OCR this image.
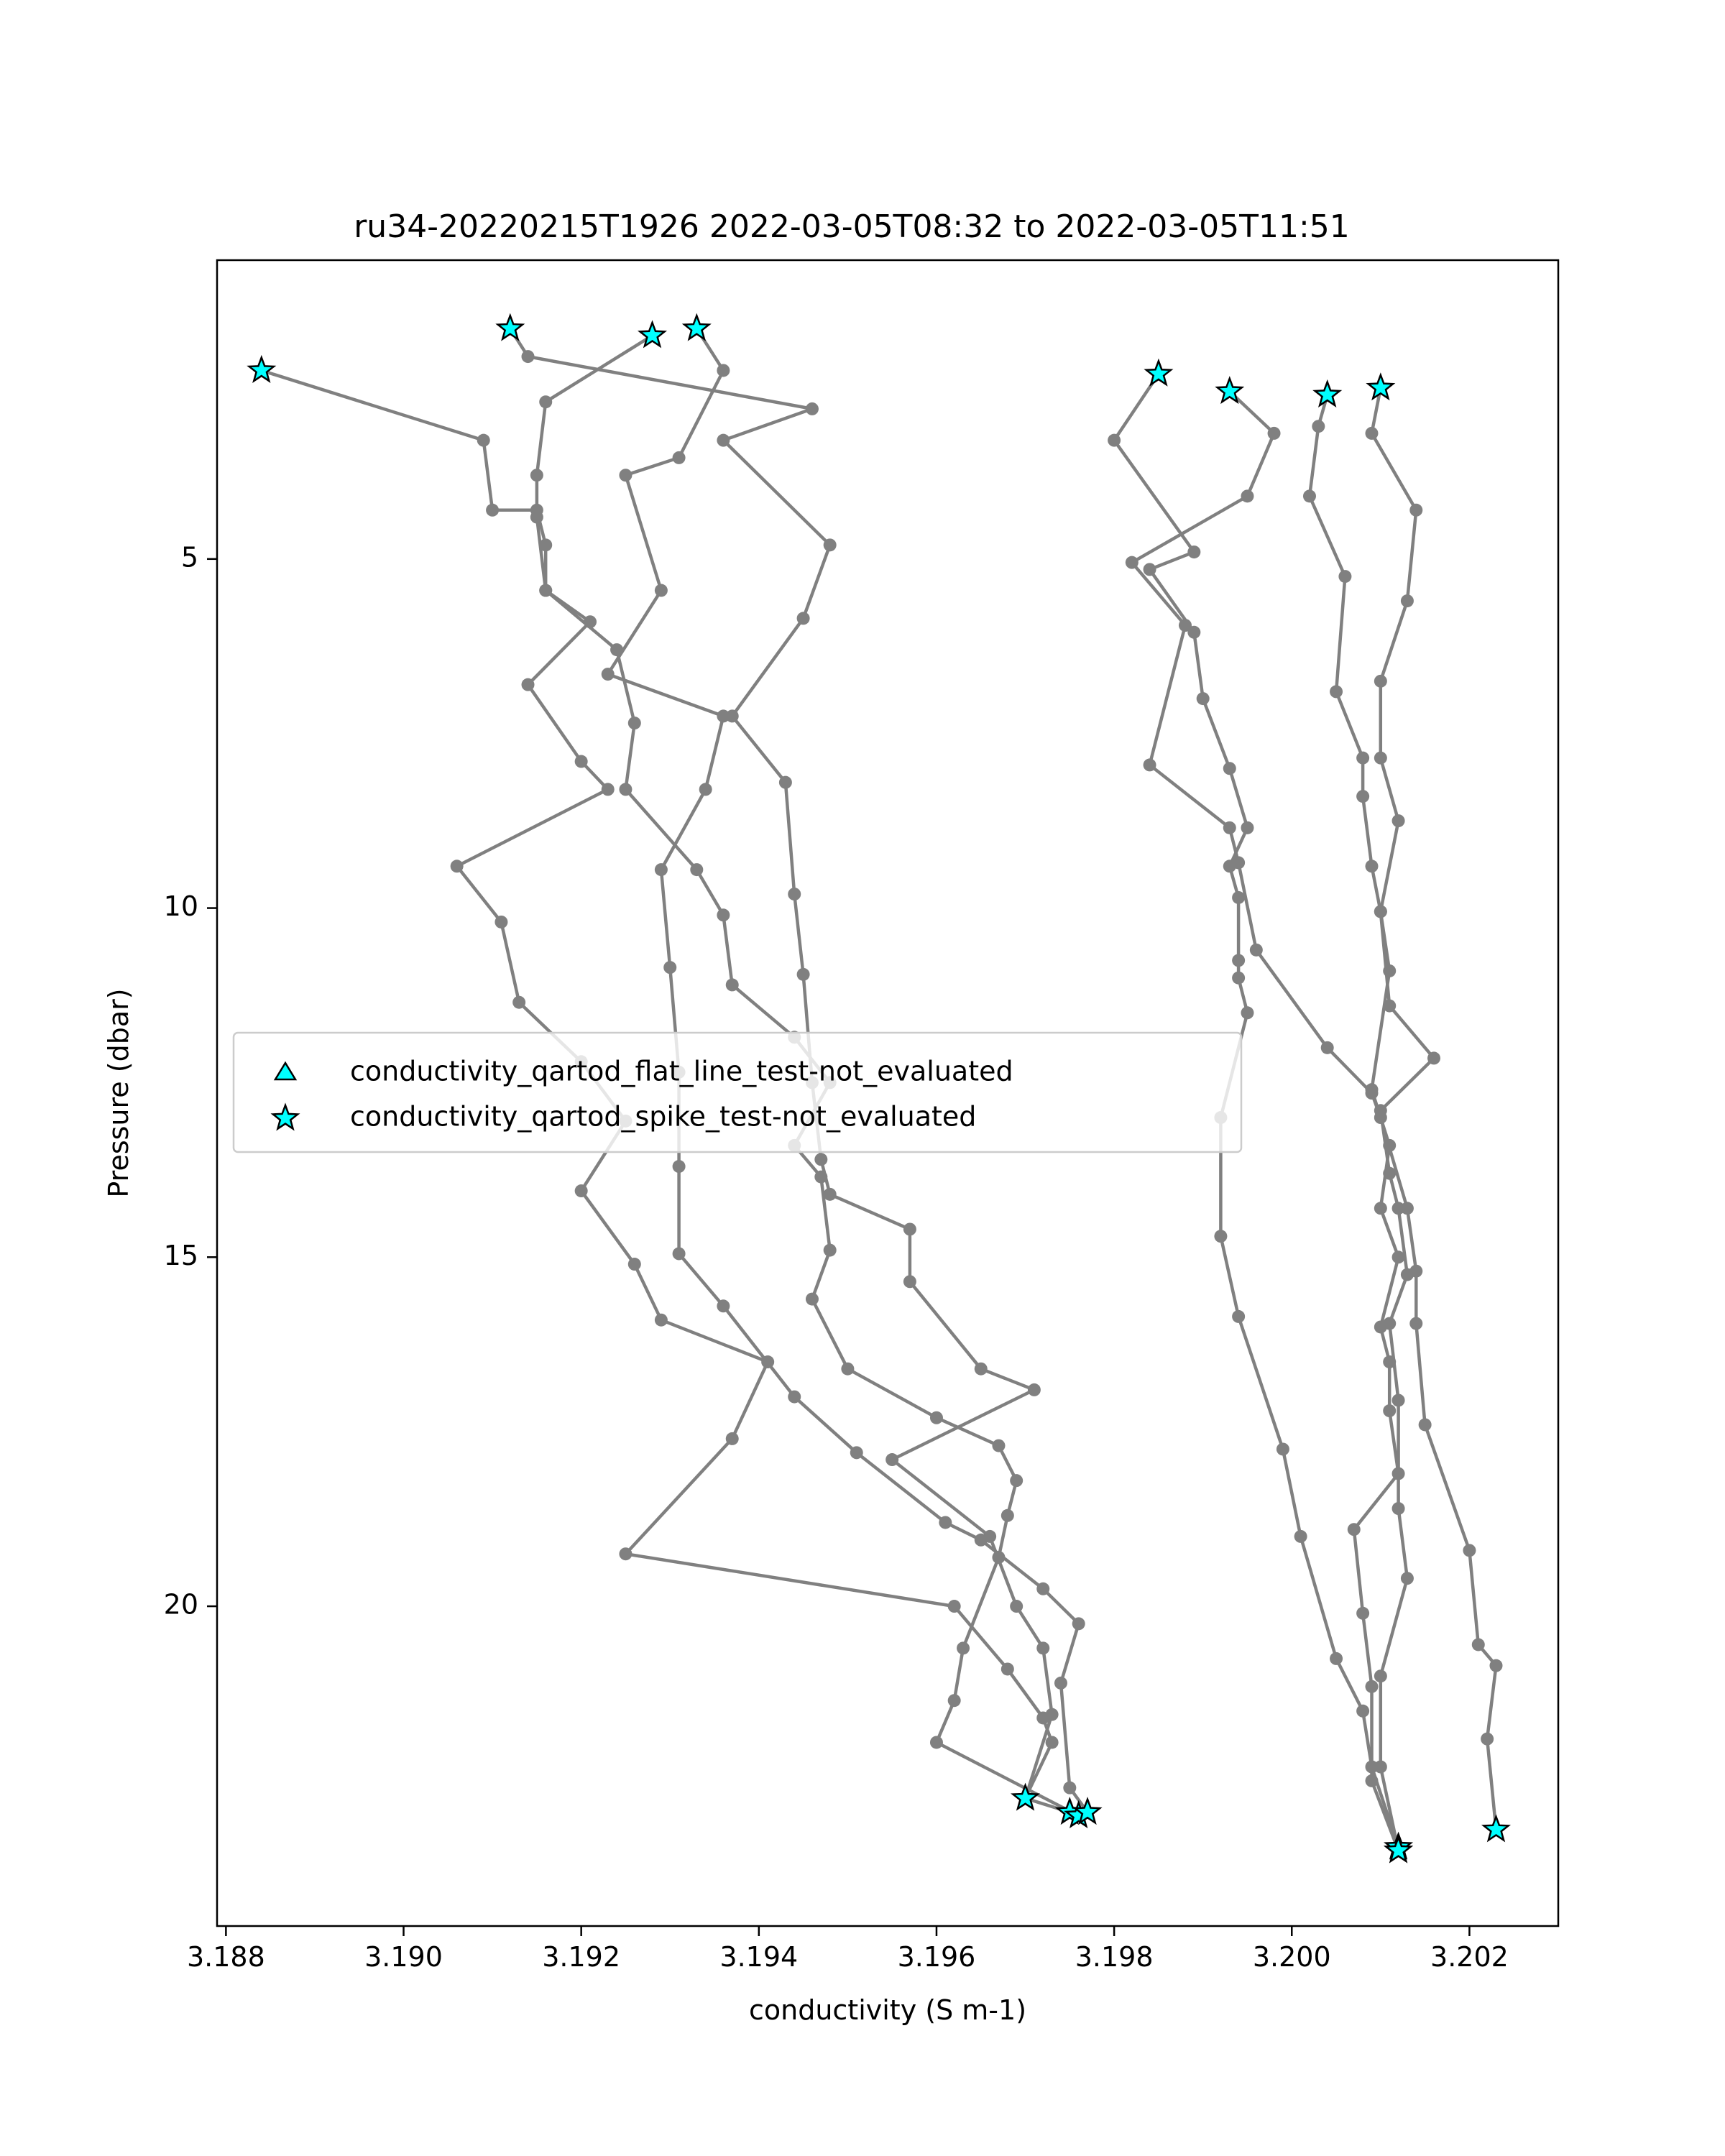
ru34-20220215T1926 2022-03-05T08:32 to 2022-03-05T11:51
3.188	3.190	3.192	3.194	3.196	3.198	3.200	3.202
5
10
15
20
conductivity (S m-1)
Pressure (dbar)	conductivity_qartod_flat_line_test-not_evaluated
conductivity_qartod_spike_test-not_evaluated
